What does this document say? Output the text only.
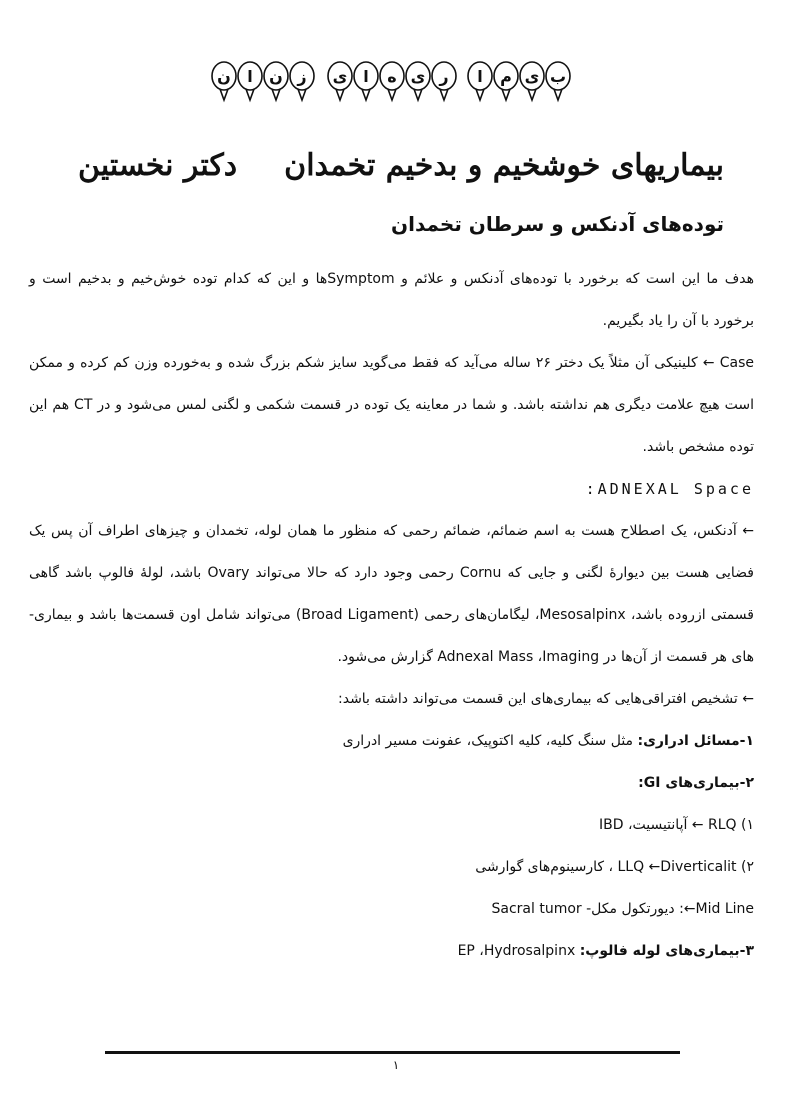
ن ا ن ز ی ا ه ی ر ا م ی ب
بیماریهای خوشخیم و بدخیم تخمدان
دکتر نخستین
توده‌های آدنکس و سرطان تخمدان

هدف ما این است که برخورد با توده‌های آدنکس و علائم و Symptomها و این که کدام توده خوش‌خیم و بدخیم است و برخورد با آن را یاد بگیریم.

Case ← کلینیکی آن مثلاً یک دختر ۲۶ ساله می‌آید که فقط می‌گوید سایز شکم بزرگ شده و به‌خورده وزن کم کرده و ممکن است هیچ علامت دیگری هم نداشته باشد. و شما در معاینه یک توده در قسمت شکمی و لگنی لمس می‌شود و در CT هم این توده مشخص باشد.

:ADNEXAL Space

← آدنکس، یک اصطلاح هست به اسم ضمائم، ضمائم رحمی که منظور ما همان لوله، تخمدان و چیزهای اطراف آن پس یک فضایی هست بین دیوارهٔ لگنی و جایی که Cornu رحمی وجود دارد که حالا می‌تواند Ovary باشد، لولهٔ فالوپ باشد گاهی قسمتی ازروده باشد، Mesosalpinx، لیگامان‌های رحمی (Broad Ligament) می‌تواند شامل اون قسمت‌ها باشد و بیماری-های هر قسمت از آن‌ها در Adnexal Mass ،Imaging گزارش می‌شود.

← تشخیص افتراقی‌هایی که بیماری‌های این قسمت می‌تواند داشته باشد:

۱-مسائل ادراری: مثل سنگ کلیه، کلیه اکتوپیک، عفونت مسیر ادراری

۲-بیماری‌های GI:

۱) RLQ ← آپانتیسیت، IBD

۲) LLQ ←Diverticalit ، کارسینوم‌های گوارشی

Mid Line←: دیورتکول مکل- Sacral tumor

۳-بیماری‌های لوله فالوپ: EP ،Hydrosalpinx

۱
